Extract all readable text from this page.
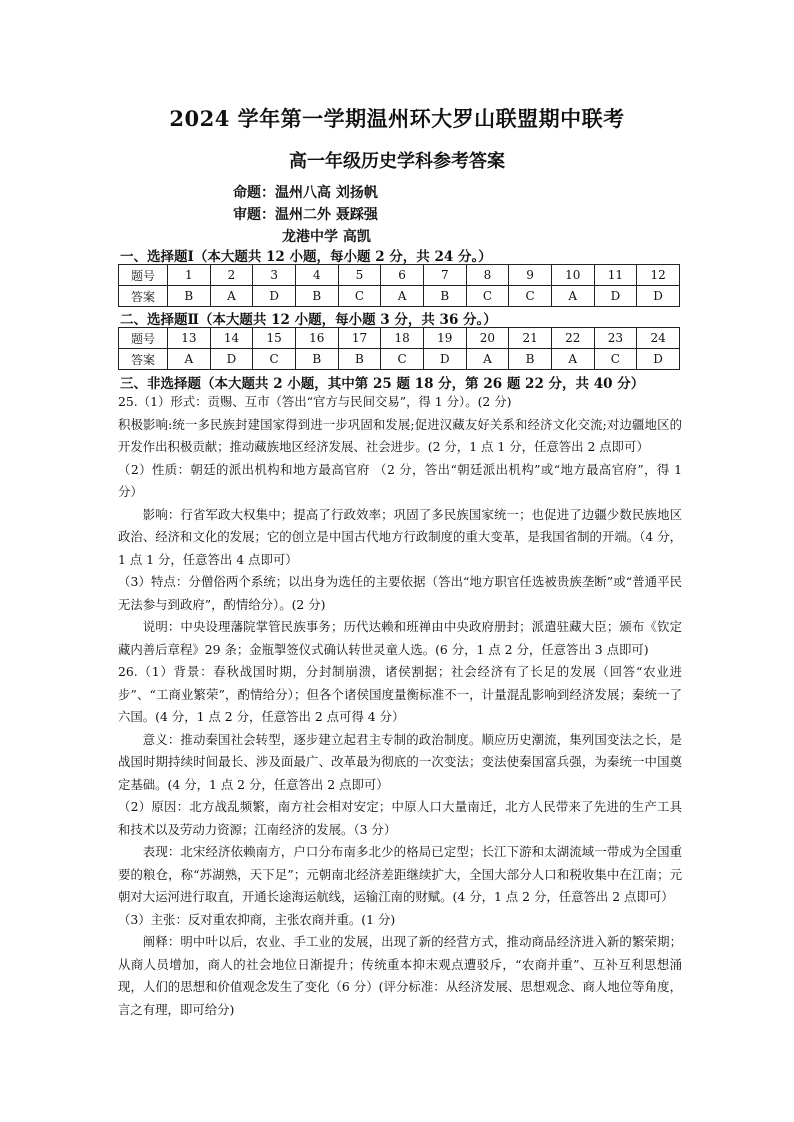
2024 学年第一学期温州环大罗山联盟期中联考
高一年级历史学科参考答案
命题：温州八高 刘扬帆
审题：温州二外 聂踩强
龙港中学 高凯
一、选择题Ⅰ（本大题共 12 小题，每小题 2 分，共 24 分。）
题号	1	2	3	4	5	6	7	8	9	10	11	12
答案	B	A	D	B	C	A	B	C	C	A	D	D
二、选择题Ⅱ（本大题共 12 小题，每小题 3 分，共 36 分。）
题号	13	14	15	16	17	18	19	20	21	22	23	24
答案	A	D	C	B	B	C	D	A	B	A	C	D
三、非选择题（本大题共 2 小题，其中第 25 题 18 分，第 26 题 22 分，共 40 分）

25.（1）形式：贡赐、互市（答出“官方与民间交易”，得 1 分）。(2 分)

积极影响:统一多民族封建国家得到进一步巩固和发展;促进汉藏友好关系和经济文化交流;对边疆地区的开发作出积极贡献；推动藏族地区经济发展、社会进步。(2 分，1 点 1 分，任意答出 2 点即可）

（2）性质：朝廷的派出机构和地方最高官府 （2 分，答出“朝廷派出机构”或“地方最高官府”，得 1 分）

影响：行省军政大权集中；提高了行政效率；巩固了多民族国家统一；也促进了边疆少数民族地区政治、经济和文化的发展；它的创立是中国古代地方行政制度的重大变革，是我国省制的开端。（4 分，1 点 1 分，任意答出 4 点即可）

（3）特点：分僧俗两个系统；以出身为选任的主要依据（答出“地方职官任选被贵族垄断”或“普通平民无法参与到政府”，酌情给分）。(2 分)

说明：中央设理藩院掌管民族事务；历代达赖和班禅由中央政府册封；派遣驻藏大臣；颁布《钦定藏内善后章程》29 条；金瓶掣签仪式确认转世灵童人选。(6 分，1 点 2 分，任意答出 3 点即可)

26.（1）背景：春秋战国时期，分封制崩溃，诸侯割据；社会经济有了长足的发展（回答“农业进步”、“工商业繁荣”，酌情给分）；但各个诸侯国度量衡标准不一，计量混乱影响到经济发展；秦统一了六国。(4 分，1 点 2 分，任意答出 2 点可得 4 分）

意义：推动秦国社会转型，逐步建立起君主专制的政治制度。顺应历史潮流，集列国变法之长，是战国时期持续时间最长、涉及面最广、改革最为彻底的一次变法；变法使秦国富兵强，为秦统一中国奠定基础。(4 分，1 点 2 分，任意答出 2 点即可）

（2）原因：北方战乱频繁，南方社会相对安定；中原人口大量南迁，北方人民带来了先进的生产工具和技术以及劳动力资源；江南经济的发展。（3 分）

表现：北宋经济依赖南方，户口分布南多北少的格局已定型；长江下游和太湖流域一带成为全国重要的粮仓，称“苏湖熟，天下足”；元朝南北经济差距继续扩大，全国大部分人口和税收集中在江南；元朝对大运河进行取直，开通长途海运航线，运输江南的财赋。(4 分，1 点 2 分，任意答出 2 点即可）

（3）主张：反对重农抑商，主张农商并重。(1 分)

阐释：明中叶以后，农业、手工业的发展，出现了新的经营方式，推动商品经济进入新的繁荣期；从商人员增加，商人的社会地位日渐提升；传统重本抑末观点遭驳斥，“农商并重”、互补互利思想涌现，人们的思想和价值观念发生了变化（6 分）(评分标准：从经济发展、思想观念、商人地位等角度，言之有理，即可给分)
